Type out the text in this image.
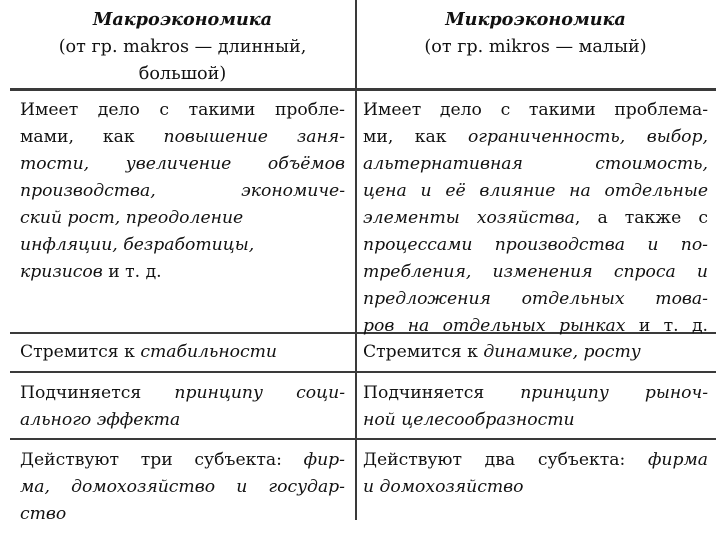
Макроэкономика
(от гр. makros — длинный,
большой)
Микроэкономика
(от гр. mikros — малый)
Имеет дело с такими пробле-
мами, как повышение заня-
тости, увеличение объёмов
производства, экономиче-
ский рост, преодоление
инфляции, безработицы,
кризисов и т. д.
Имеет дело с такими проблема-
ми, как ограниченность, выбор,
альтернативная стоимость,
цена и её влияние на отдельные
элементы хозяйства, а также с
процессами производства и по-
требления, изменения спроса и
предложения отдельных това-
ров на отдельных рынках и т. д.
Стремится к стабильности	Стремится к динамике, росту
Подчиняется принципу соци-
ального эффекта
Подчиняется принципу рыноч-
ной целесообразности
Действуют три субъекта: фир-
ма, домохозяйство и государ-
ство
Действуют два субъекта: фирма
и домохозяйство
